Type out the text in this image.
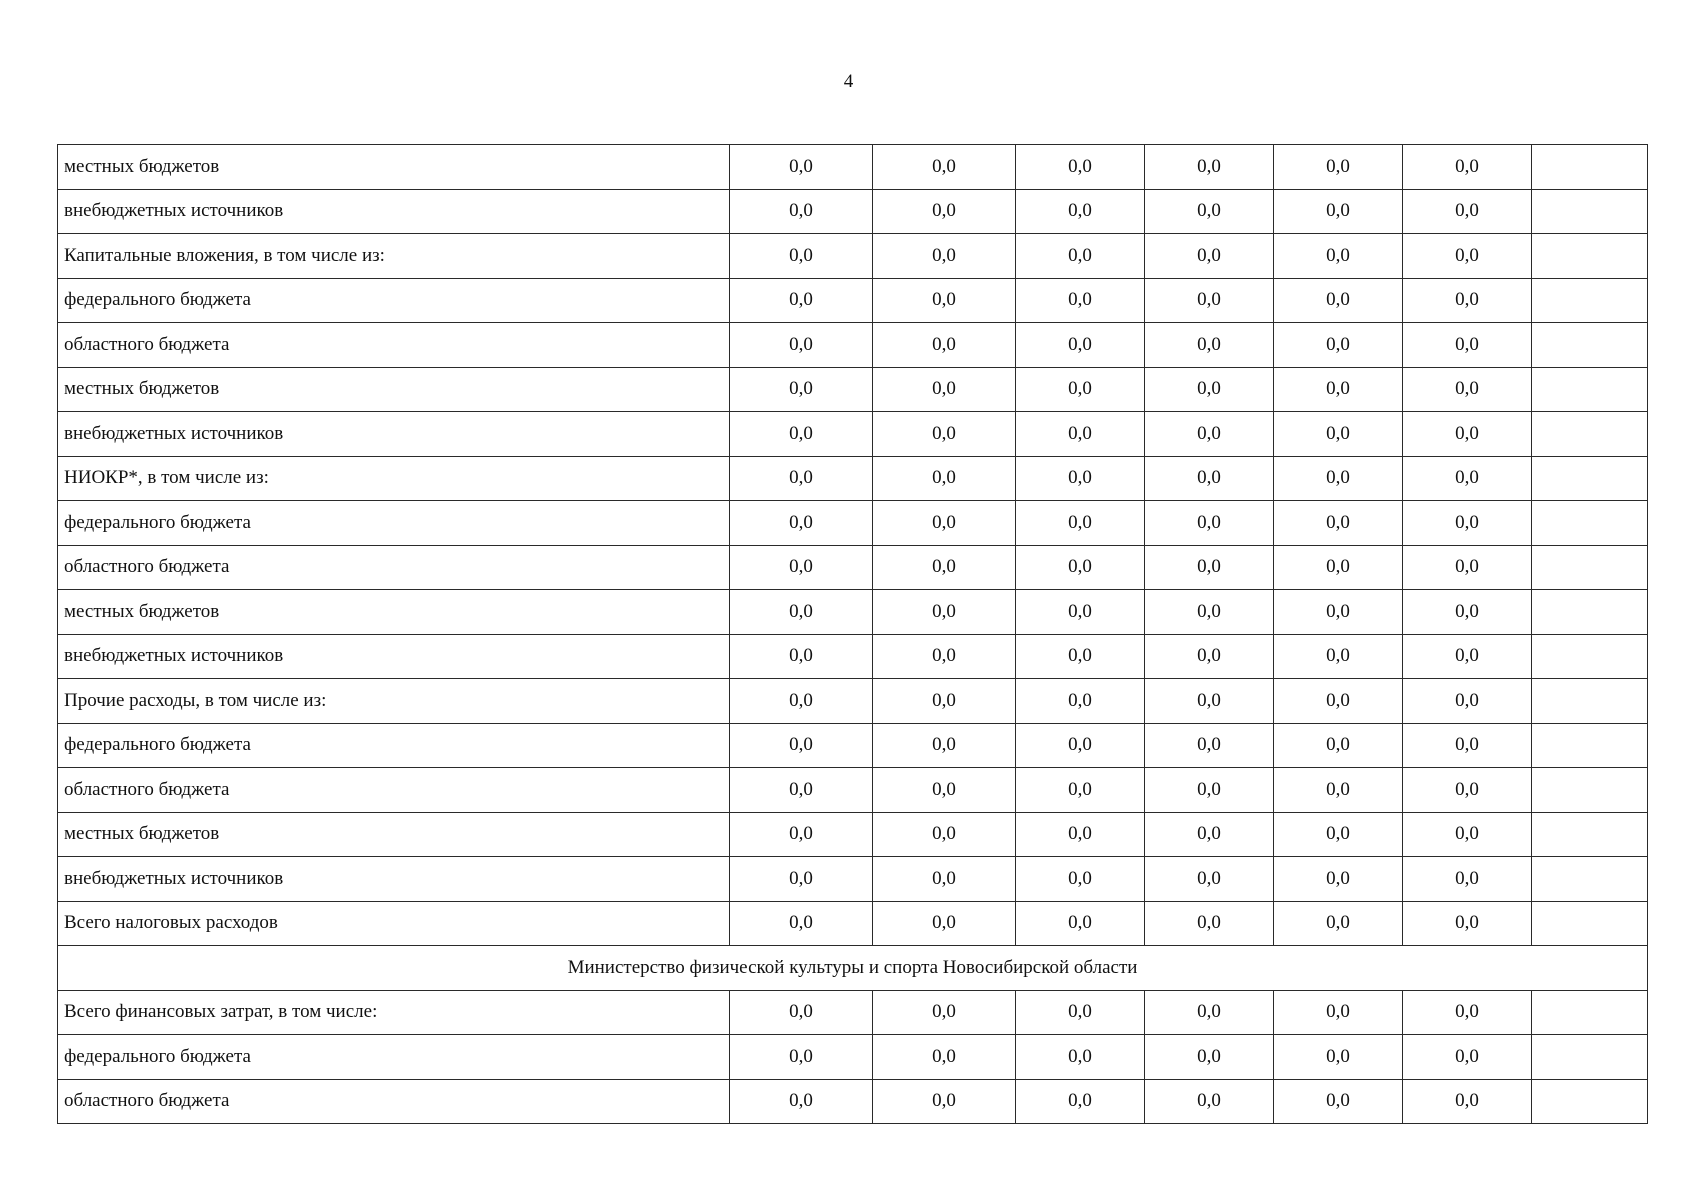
4
местных бюджетов	0,0	0,0	0,0	0,0	0,0	0,0	
внебюджетных источников	0,0	0,0	0,0	0,0	0,0	0,0	
Капитальные вложения, в том числе из:	0,0	0,0	0,0	0,0	0,0	0,0	
федерального бюджета	0,0	0,0	0,0	0,0	0,0	0,0	
областного бюджета	0,0	0,0	0,0	0,0	0,0	0,0	
местных бюджетов	0,0	0,0	0,0	0,0	0,0	0,0	
внебюджетных источников	0,0	0,0	0,0	0,0	0,0	0,0	
НИОКР*, в том числе из:	0,0	0,0	0,0	0,0	0,0	0,0	
федерального бюджета	0,0	0,0	0,0	0,0	0,0	0,0	
областного бюджета	0,0	0,0	0,0	0,0	0,0	0,0	
местных бюджетов	0,0	0,0	0,0	0,0	0,0	0,0	
внебюджетных источников	0,0	0,0	0,0	0,0	0,0	0,0	
Прочие расходы, в том числе из:	0,0	0,0	0,0	0,0	0,0	0,0	
федерального бюджета	0,0	0,0	0,0	0,0	0,0	0,0	
областного бюджета	0,0	0,0	0,0	0,0	0,0	0,0	
местных бюджетов	0,0	0,0	0,0	0,0	0,0	0,0	
внебюджетных источников	0,0	0,0	0,0	0,0	0,0	0,0	
Всего налоговых расходов	0,0	0,0	0,0	0,0	0,0	0,0	
Министерство физической культуры и спорта Новосибирской области							
Всего финансовых затрат, в том числе:	0,0	0,0	0,0	0,0	0,0	0,0	
федерального бюджета	0,0	0,0	0,0	0,0	0,0	0,0	
областного бюджета	0,0	0,0	0,0	0,0	0,0	0,0	
